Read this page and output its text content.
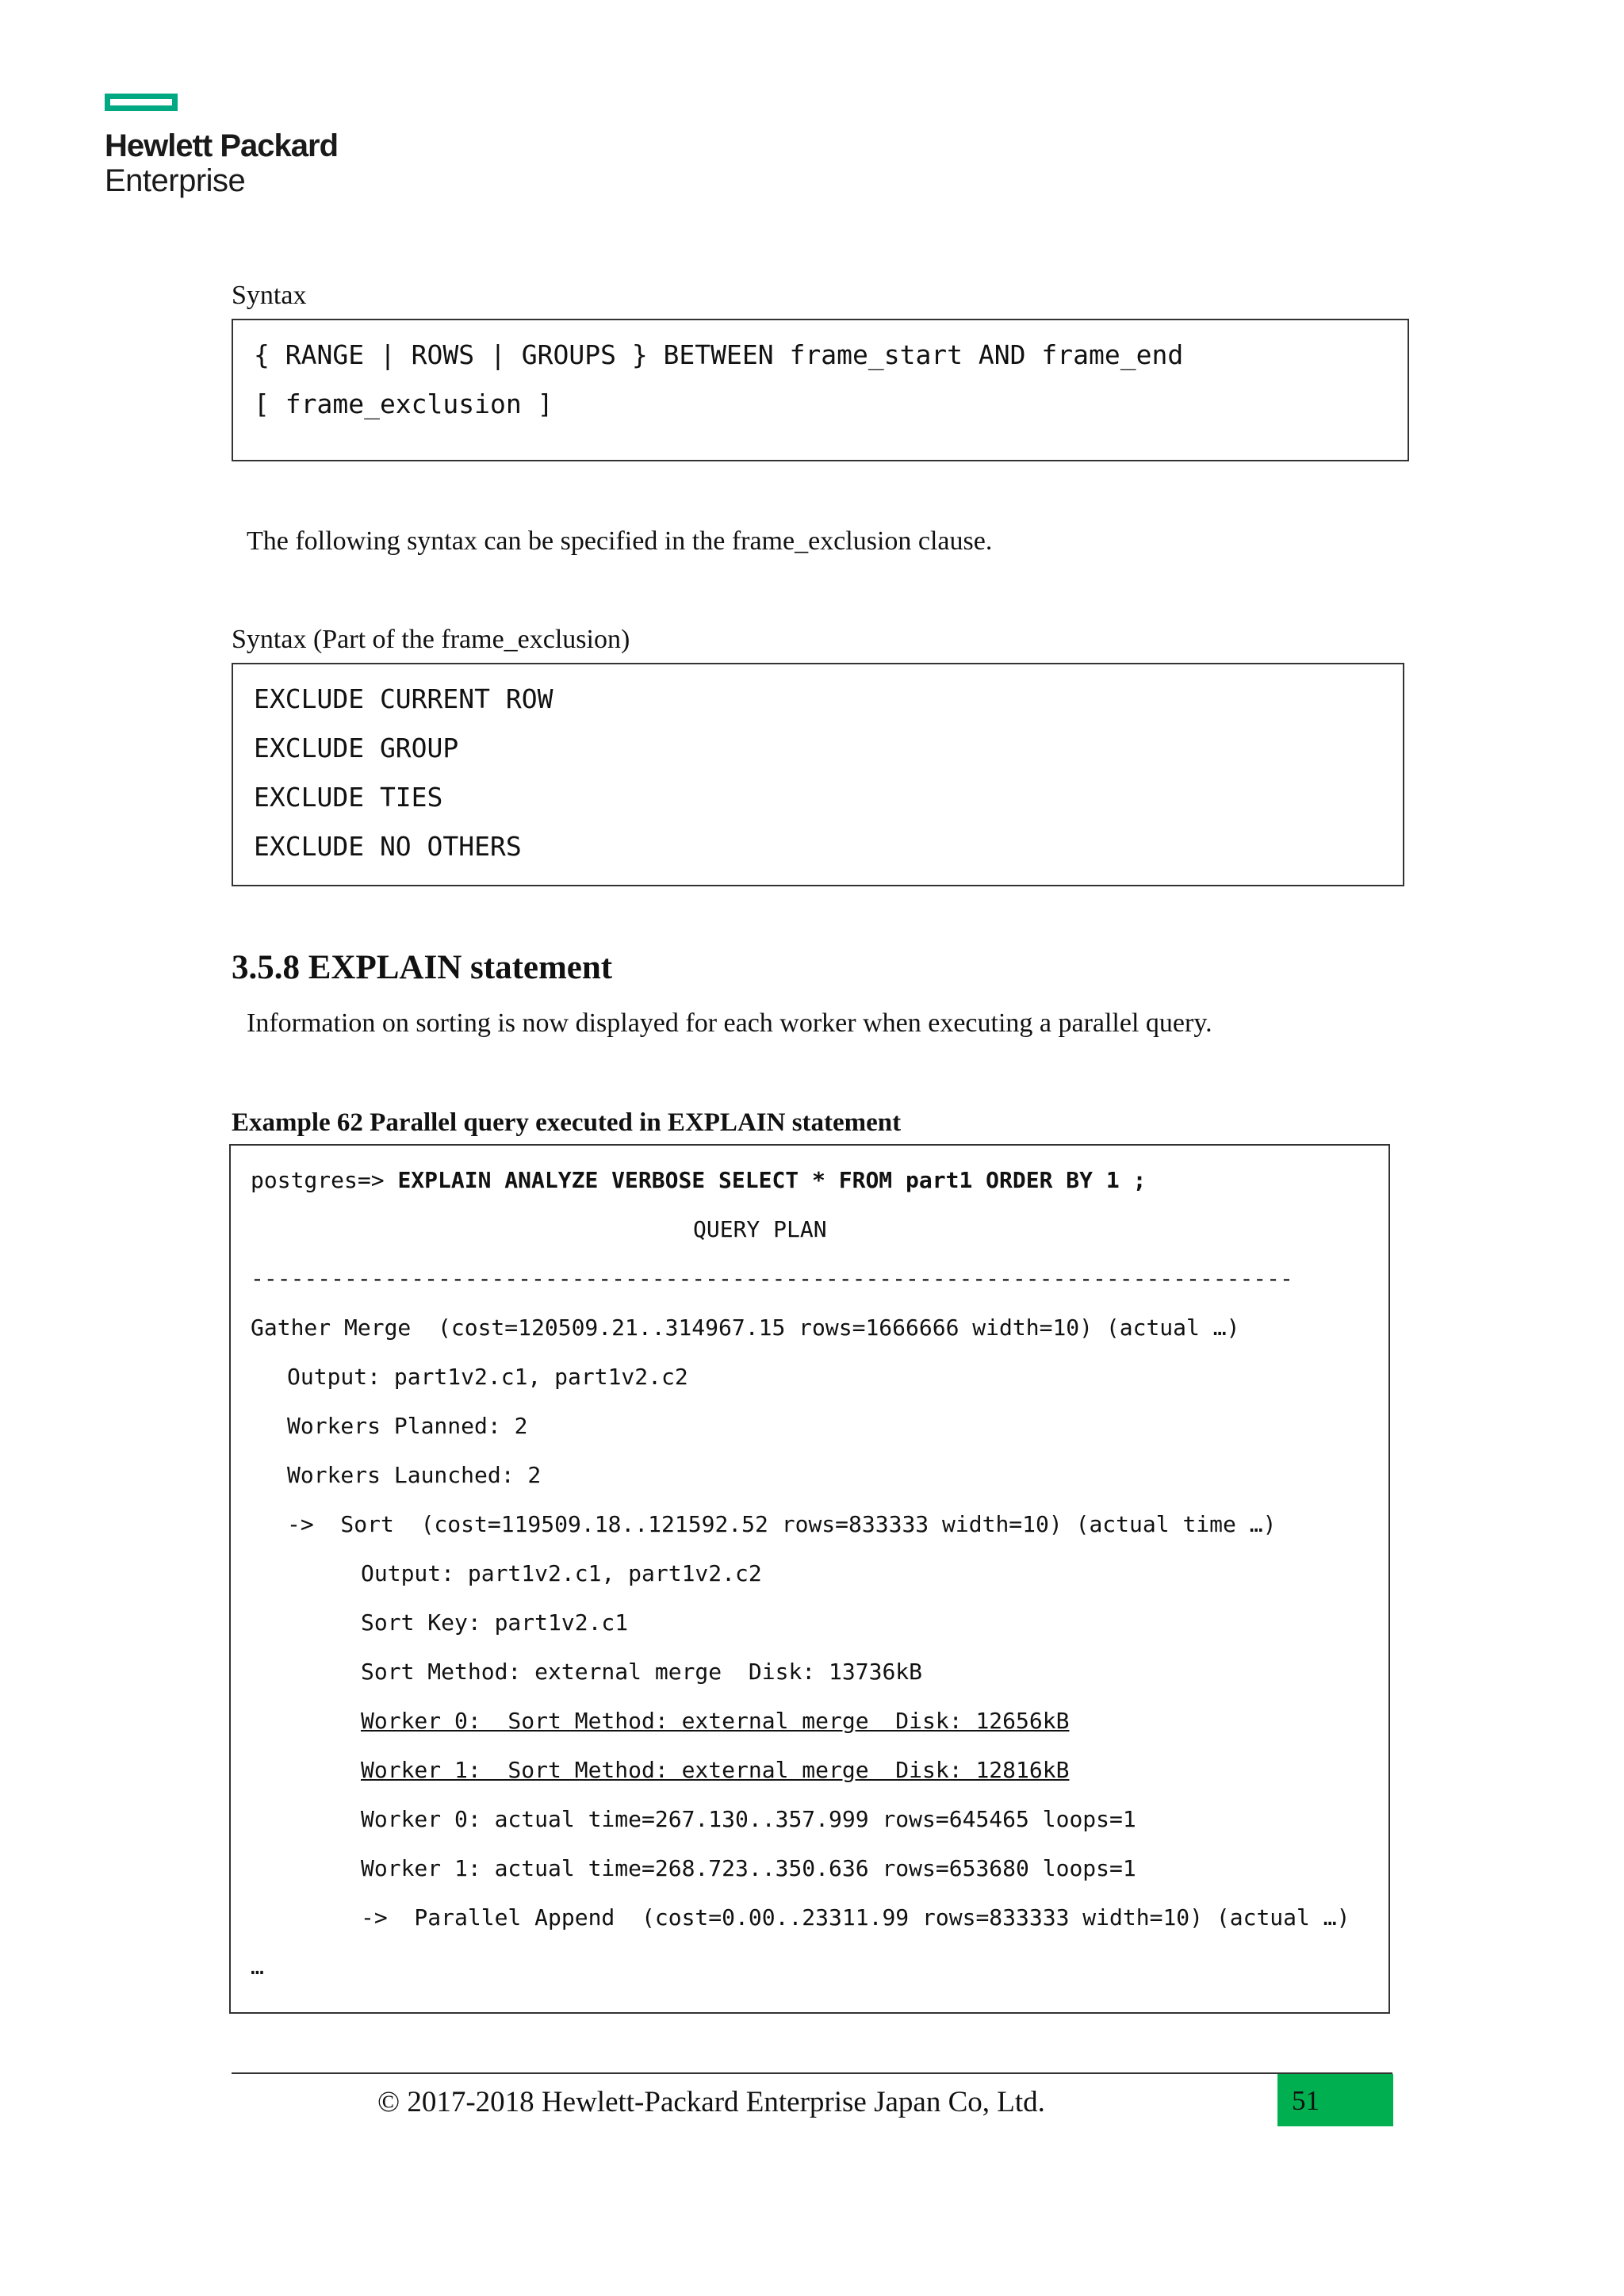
Hewlett Packard
Enterprise
Syntax
{ RANGE | ROWS | GROUPS } BETWEEN frame_start AND frame_end
[ frame_exclusion ]
The following syntax can be specified in the frame_exclusion clause.
Syntax (Part of the frame_exclusion)
EXCLUDE CURRENT ROW
EXCLUDE GROUP
EXCLUDE TIES
EXCLUDE NO OTHERS
3.5.8 EXPLAIN statement
Information on sorting is now displayed for each worker when executing a parallel query.
Example 62 Parallel query executed in EXPLAIN statement
postgres=> EXPLAIN ANALYZE VERBOSE SELECT * FROM part1 ORDER BY 1 ;
QUERY PLAN
------------------------------------------------------------------------------
Gather Merge  (cost=120509.21..314967.15 rows=1666666 width=10) (actual …)
Output: part1v2.c1, part1v2.c2
Workers Planned: 2
Workers Launched: 2
->  Sort  (cost=119509.18..121592.52 rows=833333 width=10) (actual time …)
Output: part1v2.c1, part1v2.c2
Sort Key: part1v2.c1
Sort Method: external merge  Disk: 13736kB
Worker 0:  Sort Method: external merge  Disk: 12656kB
Worker 1:  Sort Method: external merge  Disk: 12816kB
Worker 0: actual time=267.130..357.999 rows=645465 loops=1
Worker 1: actual time=268.723..350.636 rows=653680 loops=1
->  Parallel Append  (cost=0.00..23311.99 rows=833333 width=10) (actual …)
…
© 2017-2018 Hewlett-Packard Enterprise Japan Co, Ltd.	51
